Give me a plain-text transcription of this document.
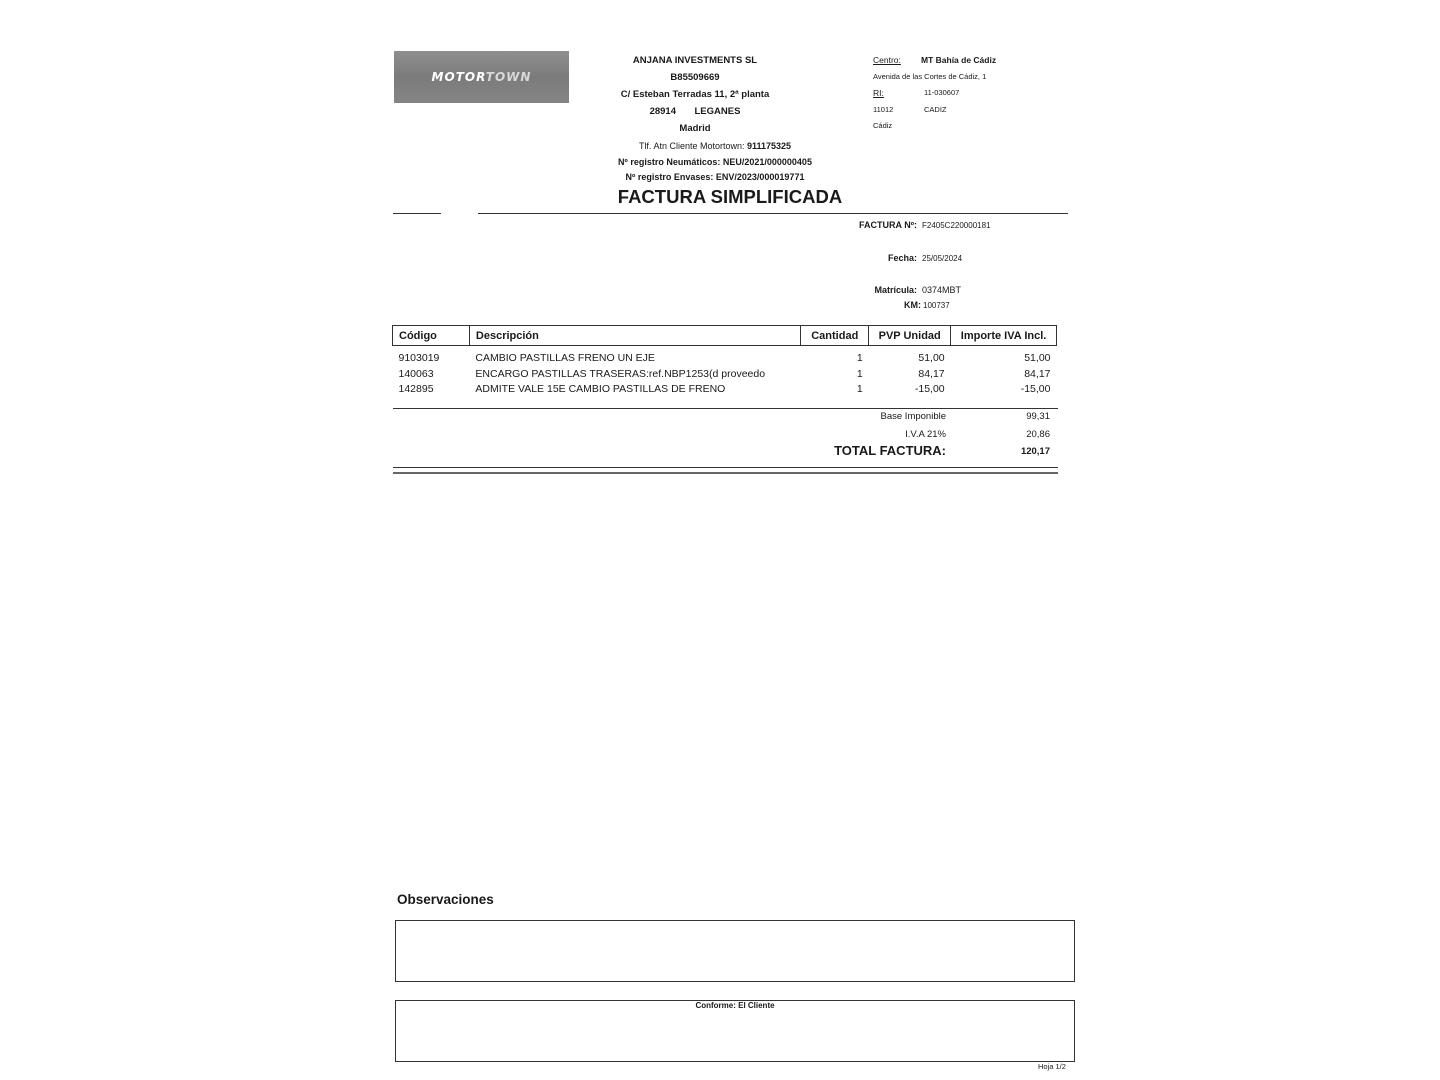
MOTORTOWN
ANJANA INVESTMENTS SL
B85509669
C/ Esteban Terradas 11, 2ª planta
28914 LEGANES
Madrid
Tlf. Atn Cliente Motortown: 911175325
Nº registro Neumáticos: NEU/2021/000000405
Nº registro Envases: ENV/2023/000019771
Centro:	MT Bahía de Cádiz
Avenida de las Cortes de Cádiz, 1
RI:	11-030607
11012	CADIZ
Cádiz
FACTURA SIMPLIFICADA
FACTURA Nº: F2405C220000181
Fecha: 25/05/2024
Matrícula: 0374MBT
KM: 100737
Código	Descripción	Cantidad	PVP Unidad	Importe IVA Incl.

9103019	CAMBIO PASTILLAS FRENO UN EJE	1	51,00	51,00
140063	ENCARGO PASTILLAS TRASERAS:ref.NBP1253(d proveedo	1	84,17	84,17
142895	ADMITE VALE 15E CAMBIO PASTILLAS DE FRENO	1	-15,00	-15,00
Base Imponible	99,31
I.V.A 21%	20,86
TOTAL FACTURA:	120,17
Observaciones
Conforme: El Cliente
Hoja 1/2
